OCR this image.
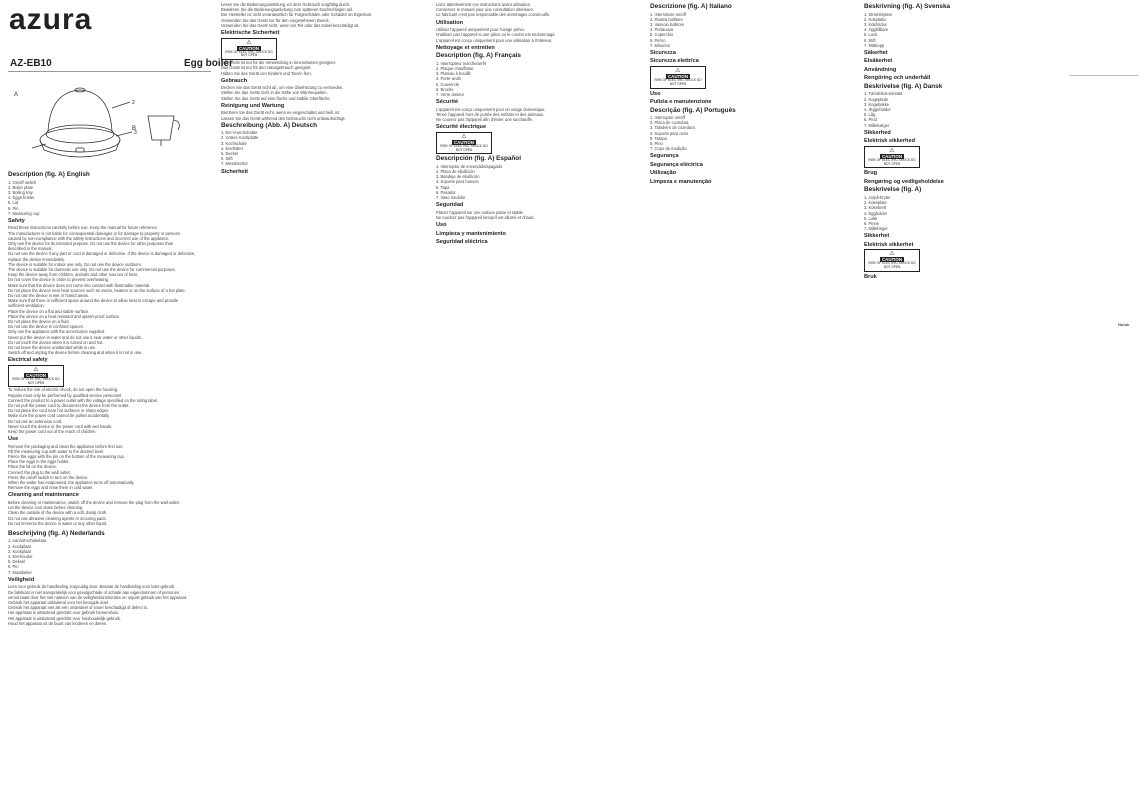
azura
AZ-EB10	Egg boiler
A
B
2
3
Description (fig. A) English
1. On/off switch
2. Boiler plate
3. Boiling tray
4. Eggs holder
5. Lid
6. Pin
7. Measuring cup
Safety
Read these instructions carefully before use. Keep the manual for future reference.
The manufacturer is not liable for consequential damages or for damage to property or persons
caused by non-compliance with the safety instructions and incorrect use of the appliance.
Only use the device for its intended purpose. Do not use the device for other purposes than
described in the manual.
Do not use the device if any part or cord is damaged or defective. If the device is damaged or defective,
replace the device immediately.
The device is suitable for indoor use only. Do not use the device outdoors.
The device is suitable for domestic use only. Do not use the device for commercial purposes.
Keep the device away from children, animals and other sources of heat.
Do not cover the device in order to prevent overheating.
Make sure that the device does not come into contact with flammable material.
Do not place the device near heat sources such as ovens, heaters or on the surface of a hot plate.
Do not use the device in wet or humid areas.
Make sure that there is sufficient space around the device to allow heat to escape and provide
sufficient ventilation.
Place the device on a flat and stable surface.
Place the device on a heat resistant and splash-proof surface.
Do not place the device on a fluid.
Do not use the device in confined spaces.
Only use the appliance with the accessories supplied.
Never put the device in water and do not use it near water or other liquids.
Do not touch the device when it is turned on and hot.
Do not leave the device unattended while in use.
Switch off and unplug the device before cleaning and when it is not in use.
Electrical safety
⚠
CAUTION
RISK OF ELECTRIC SHOCK DO NOT OPEN
To reduce the risk of electric shock, do not open the housing.
Repairs must only be performed by qualified service personnel.
Connect the product to a power outlet with the voltage specified on the rating label.
Do not pull the power cord to disconnect the device from the outlet.
Do not place the cord near hot surfaces or sharp edges.
Make sure the power cord cannot be pulled accidentally.
Do not use an extension cord.
Never touch the device or the power cord with wet hands.
Keep the power cord out of the reach of children.
Use
Remove the packaging and clean the appliance before first use.
Fill the measuring cup with water to the desired level.
Pierce the eggs with the pin on the bottom of the measuring cup.
Place the eggs in the eggs holder.
Place the lid on the device.
Connect the plug to the wall outlet.
Press the on/off switch to turn on the device.
When the water has evaporated, the appliance turns off automatically.
Remove the eggs and rinse them in cold water.
Cleaning and maintenance
Before cleaning or maintenance, switch off the device and remove the plug from the wall outlet.
Let the device cool down before cleaning.
Clean the outside of the device with a soft, damp cloth.
Do not use abrasive cleaning agents or scouring pads.
Do not immerse the device in water or any other liquid.
Beschrijving (fig. A) Nederlands
1. Aan/uit-schakelaar
2. Kookplaat
3. Kookplaat
4. Eierhouder
5. Deksel
6. Pin
7. Maatbeker
Veiligheid
Lees voor gebruik de handleiding zorgvuldig door. Bewaar de handleiding voor later gebruik.
De fabrikant is niet aansprakelijk voor gevolgschade of schade aan eigendommen of personen
veroorzaakt door het niet naleven van de veiligheidsinstructies en onjuist gebruik van het apparaat.
Gebruik het apparaat uitsluitend voor het beoogde doel.
Gebruik het apparaat niet als een onderdeel of snoer beschadigd of defect is.
Het apparaat is uitsluitend geschikt voor gebruik binnenshuis.
Het apparaat is uitsluitend geschikt voor huishoudelijk gebruik.
Houd het apparaat uit de buurt van kinderen en dieren.
Lesen Sie die Bedienungsanleitung vor dem Gebrauch sorgfältig durch.
Bewahren Sie die Bedienungsanleitung zum späteren Nachschlagen auf.
Der Hersteller ist nicht verantwortlich für Folgeschäden oder Schäden an Eigentum.
Verwenden Sie das Gerät nur für den vorgesehenen Zweck.
Verwenden Sie das Gerät nicht, wenn ein Teil oder das Kabel beschädigt ist.
Elektrische Sicherheit
⚠
CAUTION
RISK OF ELECTRIC SHOCK DO NOT OPEN
Das Gerät ist nur für die Verwendung in Innenräumen geeignet.
Das Gerät ist nur für den Hausgebrauch geeignet.
Halten Sie das Gerät von Kindern und Tieren fern.
Gebrauch
Decken Sie das Gerät nicht ab, um eine Überhitzung zu vermeiden.
Stellen Sie das Gerät nicht in die Nähe von Wärmequellen.
Stellen Sie das Gerät auf eine flache und stabile Oberfläche.
Reinigung und Wartung
Berühren Sie das Gerät nicht, wenn es eingeschaltet und heiß ist.
Lassen Sie das Gerät während des Gebrauchs nicht unbeaufsichtigt.
Beschreibung (Abb. A) Deutsch
1. Ein-/Aus-Schalter
2. Untere Kochplatte
3. Kochschale
4. Eierhalter
5. Deckel
6. Stift
7. Messbecher
Sicherheit
Lisez attentivement ces instructions avant utilisation.
Conservez le manuel pour une consultation ultérieure.
Le fabricant n'est pas responsable des dommages consécutifs.
Utilisation
Utilisez l'appareil uniquement pour l'usage prévu.
N'utilisez pas l'appareil si une pièce ou le cordon est endommagé.
L'appareil est conçu uniquement pour une utilisation à l'intérieur.
Nettoyage et entretien
Description (fig. A) Français
1. Interrupteur marche/arrêt
2. Plaque chauffante
3. Plateau à bouillir
4. Porte-œufs
5. Couvercle
6. Broche
7. Verre doseur
Sécurité
L'appareil est conçu uniquement pour un usage domestique.
Tenez l'appareil hors de portée des enfants et des animaux.
Ne couvrez pas l'appareil afin d'éviter une surchauffe.
Sécurité électrique
⚠
CAUTION
RISK OF ELECTRIC SHOCK DO NOT OPEN
Descripción (fig. A) Español
1. Interruptor de encendido/apagado
2. Placa de ebullición
3. Bandeja de ebullición
4. Soporte para huevos
5. Tapa
6. Pasador
7. Vaso medidor
Seguridad
Placez l'appareil sur une surface plane et stable.
Ne touchez pas l'appareil lorsqu'il est allumé et chaud.
Uso
Limpieza y mantenimiento
Seguridad eléctrica
Descrizione (fig. A) Italiano
1. Interruttore on/off
2. Piastra bollitore
3. Vassoio bollitore
4. Portauova
5. Coperchio
6. Perno
7. Misurino
Sicurezza
Sicurezza elettrica
⚠
CAUTION
RISK OF ELECTRIC SHOCK DO NOT OPEN
Uso
Pulizia e manutenzione
Descrição (fig. A) Português
1. Interruptor on/off
2. Placa de cozedura
3. Tabuleiro de cozedura
4. Suporte para ovos
5. Tampa
6. Pino
7. Copo de medição
Segurança
Segurança eléctrica
Utilização
Limpeza e manutenção
Beskrivning (fig. A) Svenska
1. Strömbrytare
2. Kokplatta
3. Kokbricka
4. Ägghållare
5. Lock
6. Stift
7. Mätkopp
Säkerhet
Elsäkerhet
Användning
Rengöring och underhåll
Beskrivelse (fig. A) Dansk
1. Tænd/sluk-kontakt
2. Kogeplade
3. Kogebakke
4. Æggeholder
5. Låg
6. Pind
7. Målebæger
Sikkerhed
Elektrisk sikkerhed
⚠
CAUTION
RISK OF ELECTRIC SHOCK DO NOT OPEN
Brug
Rengøring og vedligeholdelse
Beskrivelse (fig. A)
1. Av/på-bryter
2. Kokeplate
3. Kokebrett
4. Eggholder
5. Lokk
6. Pinne
7. Målebeger
Sikkerhet
Elektrisk sikkerhet
⚠
CAUTION
RISK OF ELECTRIC SHOCK DO NOT OPEN
Bruk
Norsk
